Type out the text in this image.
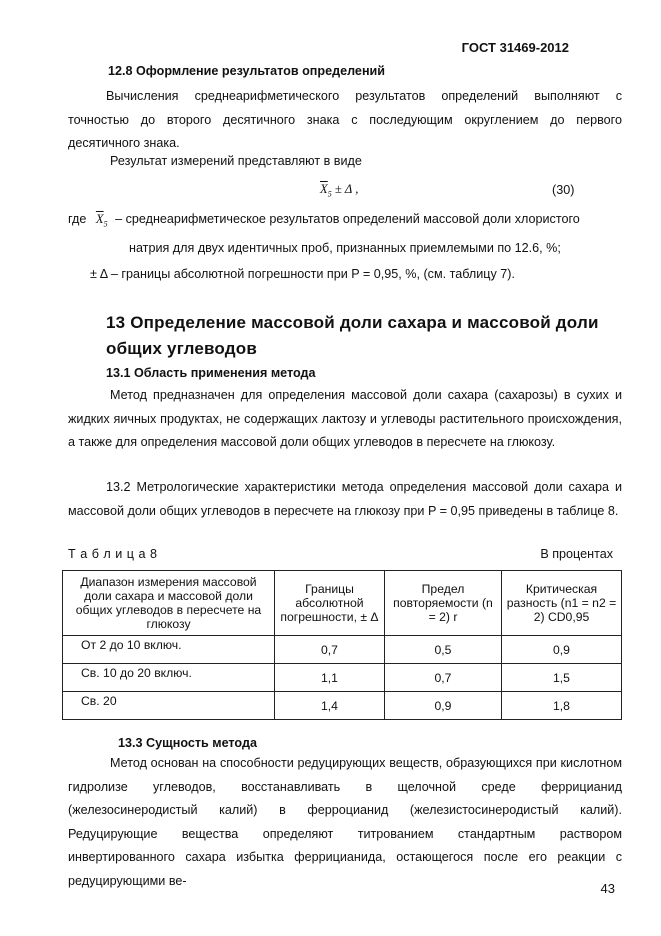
ГОСТ 31469-2012
12.8 Оформление результатов определений
Вычисления среднеарифметического результатов определений выполняют с точностью до второго десятичного знака с последующим округлением до первого десятичного знака.
Результат измерений представляют в виде
$\overline{X}_5 \pm \Delta$ ,	(30)
где $\overline{X}_5$ – среднеарифметическое результатов определений массовой доли хлористого
натрия для двух идентичных проб, признанных приемлемыми по 12.6, %;
± Δ – границы абсолютной погрешности при P = 0,95, %, (см. таблицу 7).
13 Определение массовой доли сахара и массовой доли общих углеводов
13.1 Область применения метода
Метод предназначен для определения массовой доли сахара (сахарозы) в сухих и жидких яичных продуктах, не содержащих лактозу и углеводы растительного происхождения, а также для определения массовой доли общих углеводов в пересчете на глюкозу.
13.2 Метрологические характеристики метода определения массовой доли сахара и массовой доли общих углеводов в пересчете на глюкозу при P = 0,95 приведены в таблице 8.
Т а б л и ц а 8	В процентах
Диапазон измерения массовой доли сахара и массовой доли общих углеводов в пересчете на глюкозу	Границы абсолютной погрешности, ± Δ	Предел повторяемости (n = 2) r	Критическая разность (n1 = n2 = 2) CD0,95
От 2 до 10 включ.	0,7	0,5	0,9
Св. 10 до 20 включ.	1,1	0,7	1,5
Св. 20	1,4	0,9	1,8
13.3 Сущность метода
Метод основан на способности редуцирующих веществ, образующихся при кислотном гидролизе углеводов, восстанавливать в щелочной среде феррицианид (железосинеродистый калий) в ферроцианид (железистосинеродистый калий). Редуцирующие вещества определяют титрованием стандартным раствором инвертированного сахара избытка феррицианида, остающегося после его реакции с редуцирующими ве-
43
